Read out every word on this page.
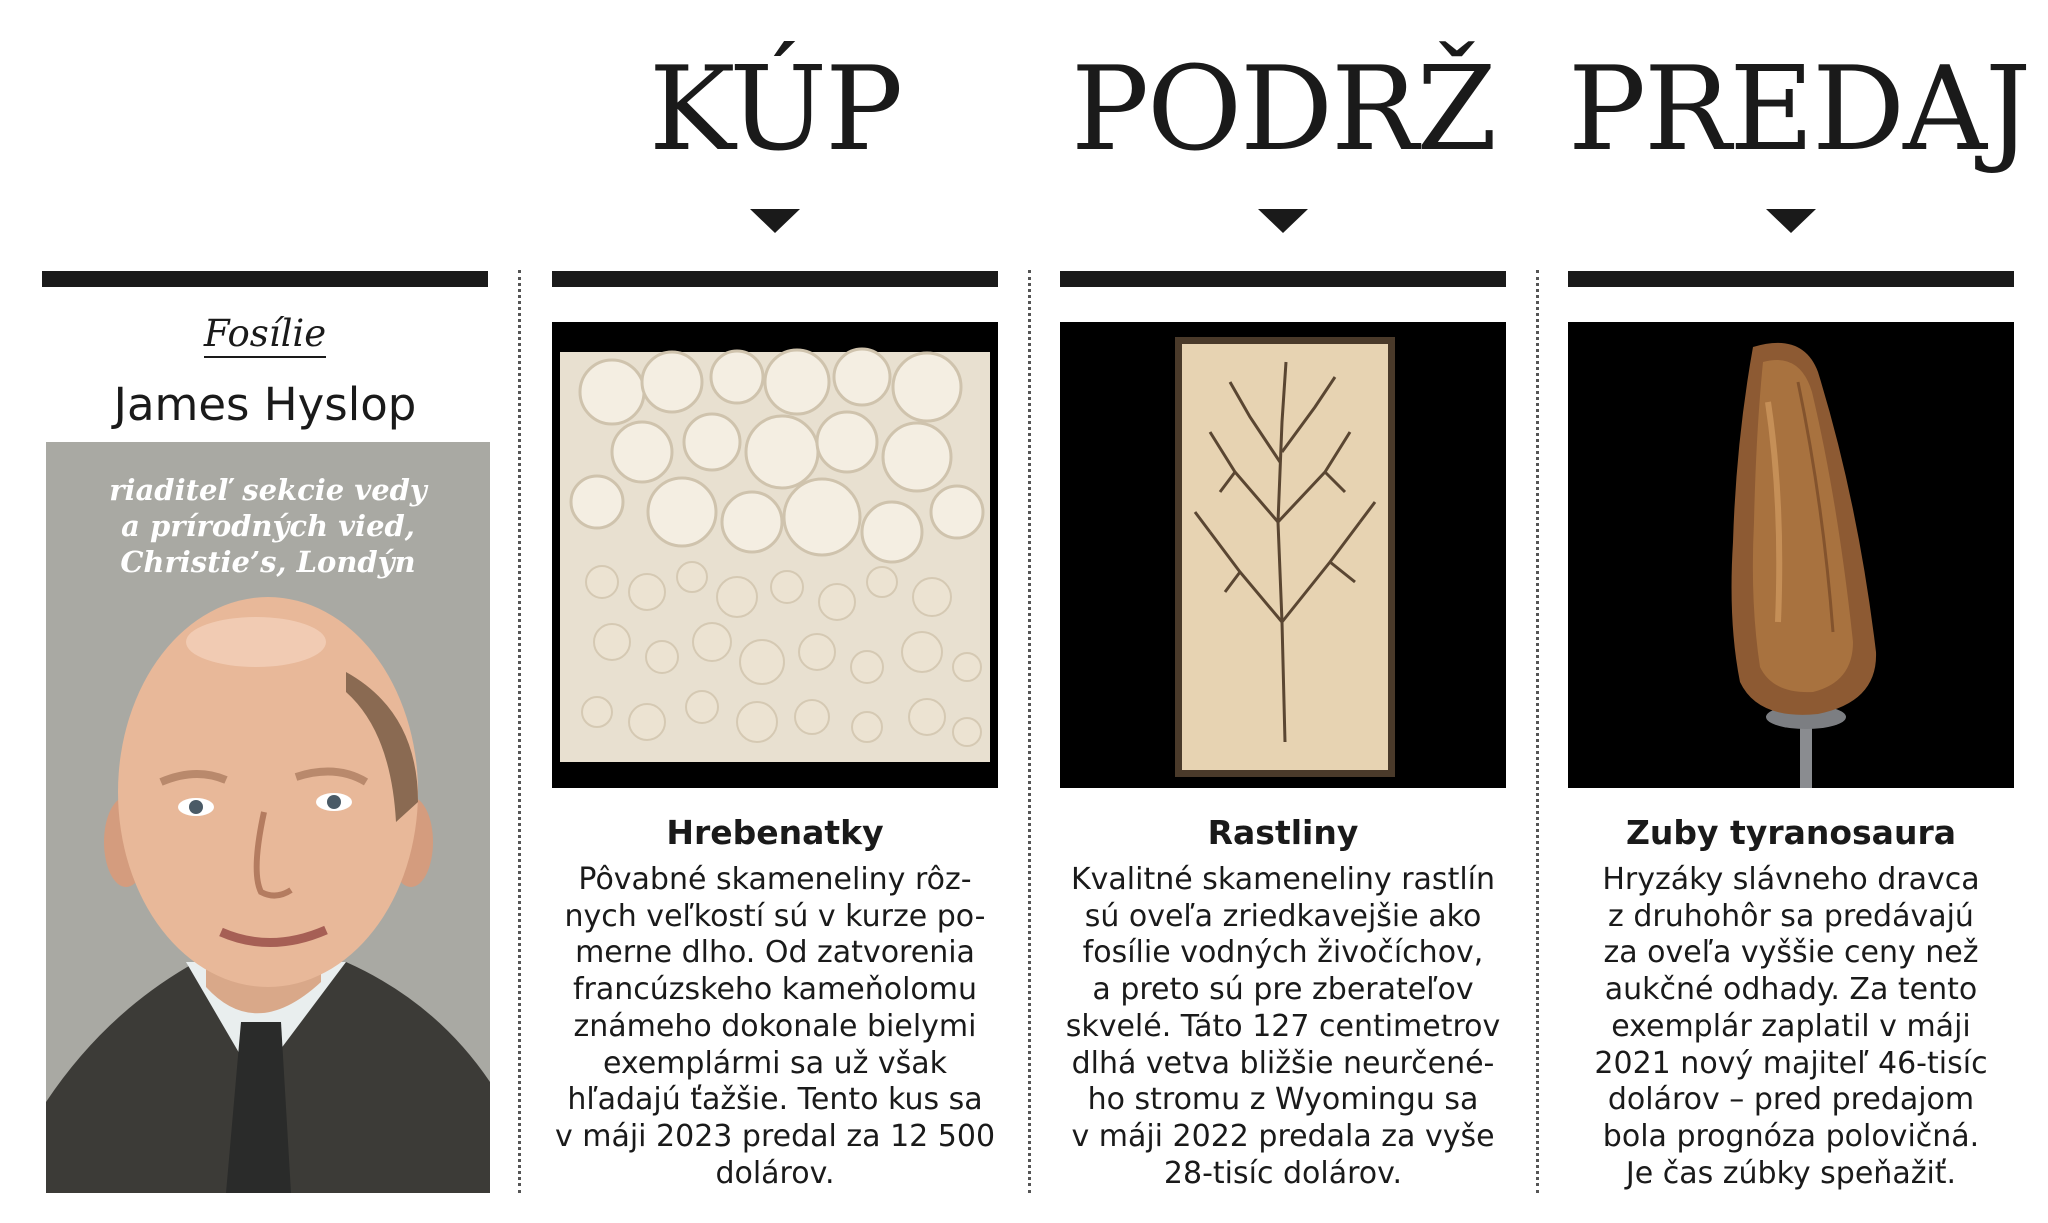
KÚP	PODRŽ PREDAJ
Fosílie
James Hyslop
riaditeľ sekcie vedy
a prírodných vied,
Christie’s, Londýn
Hrebenatky
Pôvabné skameneliny rôz-
nych veľkostí sú v kurze po-
merne dlho. Od zatvorenia
francúzskeho kameňolomu
známeho dokonale bielymi
exemplármi sa už však
hľadajú ťažšie. Tento kus sa
v máji 2023 predal za 12 500
dolárov.
Rastliny
Kvalitné skameneliny rastlín
sú oveľa zriedkavejšie ako
fosílie vodných živočíchov,
a preto sú pre zberateľov
skvelé. Táto 127 centimetrov
dlhá vetva bližšie neurčené-
ho stromu z Wyomingu sa
v máji 2022 predala za vyše
28-tisíc dolárov.
Zuby tyranosaura
Hryzáky slávneho dravca
z druhohôr sa predávajú
za oveľa vyššie ceny než
aukčné odhady. Za tento
exemplár zaplatil v máji
2021 nový majiteľ 46-tisíc
dolárov – pred predajom
bola prognóza polovičná.
Je čas zúbky speňažiť.
